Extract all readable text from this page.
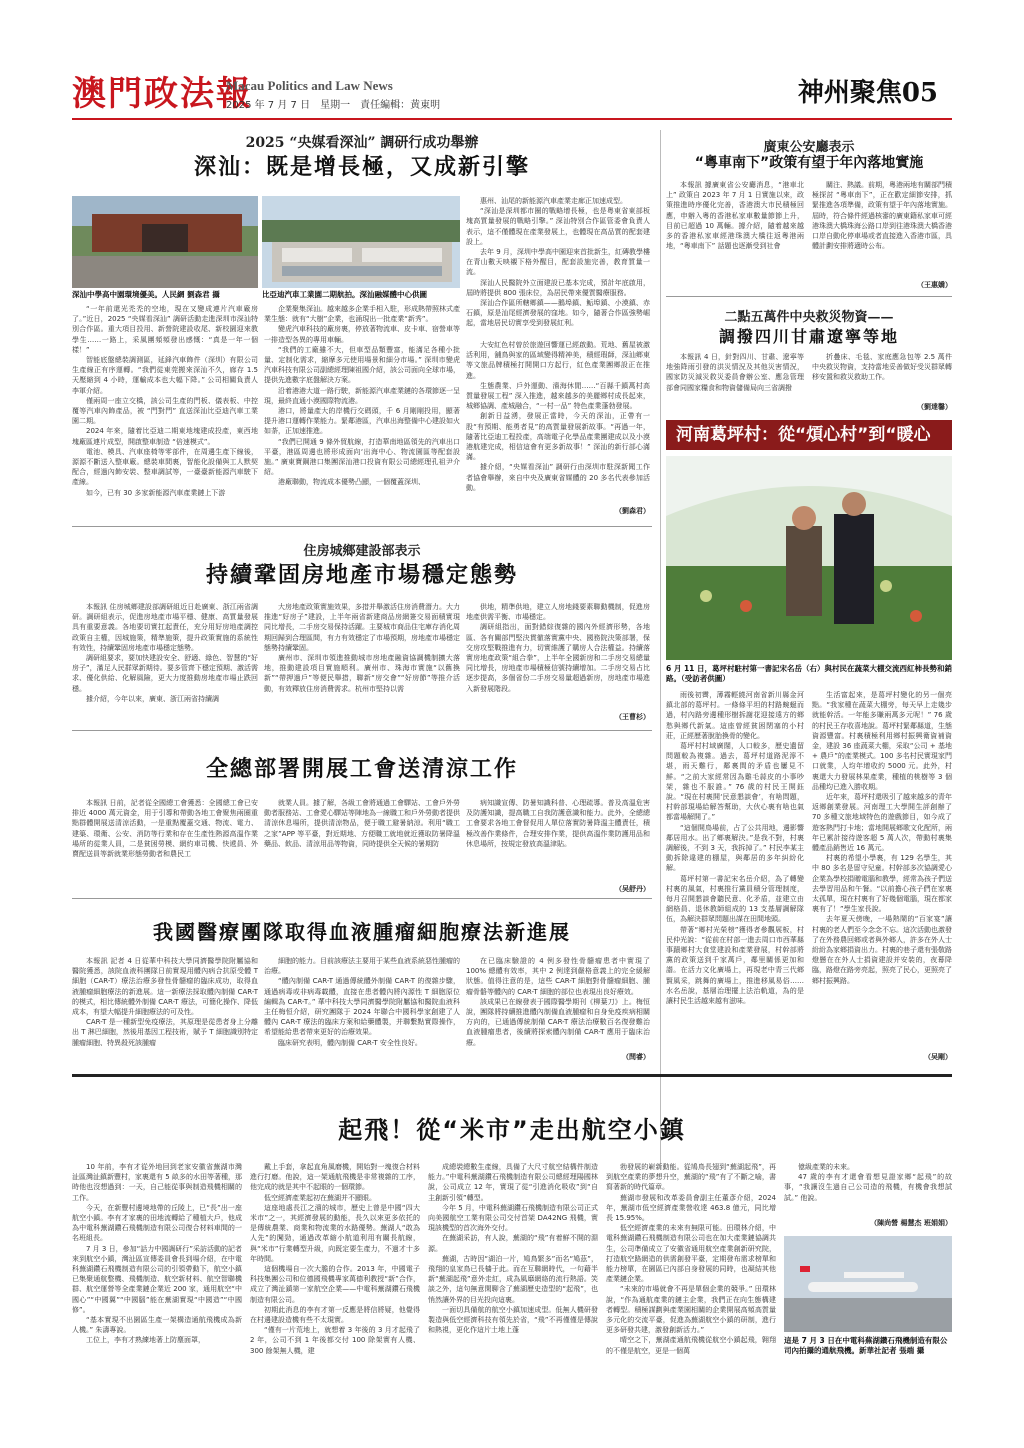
澳門政法報
Macau Politics and Law News
2025 年 7 月 7 日　星期一　責任編輯：黄東明	神州聚焦05
2025 “央媒看深汕” 調研行成功舉辦
深汕：既是增長極，又成新引擎
深汕中學高中園環境優美。人民網 劉森君 攝	比亞迪汽車工業園二期航拍。深汕融媒體中心供圖

“一年前還光禿禿的空地，現在又變成連片汽車廠房了。”近日，2025 “央媒看深汕” 調研活動走進深圳市深汕特別合作區。重大項目投用、新營院建設收尾、新校園迎來教學生……一路上，采風團頻頻發出感慨：“真是一年一個樣！”

智能底盤總裝調測區，延鋒汽車飾件（深圳）有限公司生產線正有序運轉。“我們從東莞搬來深汕不久，廊存 1.5 天壓縮到 4 小時，運輸成本也大幅下降。” 公司相關負責人李軍介紹。

僅兩周一座立交橋，該公司生產的門板、儀表板、中控覆等汽車內飾產品，被 “門對門” 直送深汕比亞迪汽車工業園二期。

2024 年來，隨着比亞迪二期東地塊建成投產，東西地塊廠區連片成型，開啟整車制造 “倍速模式”。

電池、模具、汽車座椅等零部件，在周邊生產下線後，源源不斷送入整車廠。總裝車間裏，智能化設備與工人默契配合，經過內飾安裝、整車調試等，一臺臺新能源汽車駛下產線。

如今，已有 30 多家新能源汽車產業鏈上下游

企業聚集深汕。越來越多企業手相入駐，形成熱帶照林式產業生態：就有“大樹”企業，也涌現出一批產業“新秀”。

變虎汽車科技的廠房裏，停放著物流車、皮卡車、宿營車等一排造型各異的專用車輛。

“我們的工廠雖不大，但車型品類豐富，能滿足各種小批量、定制化需求，縮摩多元使用場景和細分市場。” 深圳市變虎汽車科技有限公司副總經理陳祖國介紹，該公司面向全球市場，提供先進數字底盤解決方案。

沿着港港大道一路行駛，新能源汽車產業鏈的各環節逐一呈現，最終直通小漠國際物流港。

港口，將量產大的岸機行交碼頭，千 6 月剛剛投用，顯著提升港口運轉作業能力。緊鄰港區，汽車出海整備中心建設如火如荼，正加速推進。

“我們已開通 9 條外貿航線，打造華南地區領先的汽車出口平臺，港區周邊也將形成面向‘出海中心、物流園區等配套設施。” 廣東寶鋼港口集團深汕港口投資有限公司總經理孔祖尹介紹。

港廠聯動，物流成本優勢凸顯，一個覆蓋深圳、

惠州、汕尾的新能源汽車產業走廊正加速成型。

“深汕是深圳都市圈的戰略增長極，也是粤東省東部板塊高質量發展的戰略引擎。” 深汕特別合作區管委會負責人表示，這不僅體現在產業發展上，也體現在高品質的配套建設上。

去年 9 月，深圳中學高中園迎來首批新生，紅磚教學樓在青山數天映襯下格外醒目，配套設施完善，教育質量一流。

深汕人民醫院外立面建設已基本完成，預計年底啟用，屆時將提供 800 張床位，為居民帶來優質醫療服務。

深汕合作區所轄鄉鎮——鵝埠鎮、鮜埠鎮、小漠鎮、赤石鎮，原是汕尾經濟發展的窪地。如今，隨著合作區強勢崛起，當地居民切實享受到發展紅利。

大安紅色村曾於旅遊回響運已經啟動。荒地、舊屋被激活利用，舖鳥與家的區域變得精神美，積經瑕師，深汕鄉東等文旅品牌積極打開開口方起行，紅色產業團鄉設正在推進。

生態農業、戶外運動、濱海休閒……“百縣千鎮萬村高質量發展工程” 深入推進，越來越多的美麗鄉村成長起來，城鄉協調、產城融合，“一村一品” 特色產業蓬勃發展。

創新日益湧，發展正當時，今天的深汕，正帶有一股“有預期、能勇者見”的高質量發展新故事。“再過一年，隨著比亞迪工程投產，高端電子化學品產業團建成以及小漠港航建完成，相信這會有更多新故事！” 深汕的新行部心滿滿。

據介紹，“央媒看深汕” 調研行由深圳市駐深新聞工作者協會舉辦，來自中央及廣東省媒體的 20 多名代表參加活動。

（劉森君）
廣東公安廳表示
“粵車南下”政策有望于年內落地實施

本報訊 據廣東省公安廳消息，“港車北上” 政策自 2023 年 7 月 1 日實施以來，政策推進時序優化完善，香港澳大市民積極回應，申辦入粵的香港私家車數量節節上升，目前已超過 10 萬輛。據介紹，隨着越來越多的香港私家車經港珠澳大橋往返粵港兩地，“粵車南下” 話題也逐漸受到社會

關注、熱議。前期，粵港兩地有關部門積極探討 “粵車南下”，正在歡定細節安排，抓緊推進各項準備，政策有望于年內落地實施。屆時，符合條件經過核審的廣東籍私家車可經港珠澳大橋珠海公路口岸到往港珠澳大橋香港口岸自動化停車場或者直接進入香港市區，具體計劃安排將適時公布。

（王惠嬌）
二點五萬件中央救災物資——
調撥四川甘肅遼寧等地

本報訊 4 日，針對四川、甘肅、遼寧等地強降雨引發的洪災情況及其他災害情況，國家防災減災救災委員會辦公室、應急管理部會同國家糧食和物資儲備局向三省調撥

折疊床、毛毯、家庭應急包等 2.5 萬件中央救災物資，支持當地妥善做好受災群眾轉移安置和救災救助工作。

（劉達馨）
河南葛坪村：從“煩心村”到“暖心
6 月 11 日，葛坪村駐村第一書記宋名岳（右）與村民在蔬菜大棚交流西紅柿長勢和銷路。（受訪者供圖）

雨後初霽，薄霧輕繞河南省新川縣金河鎮北部的葛坪村。一條條平坦的村路蜿蜒而過，村內路旁邊種形樹拆謝花迎接遠方的鄉愁與鄉代新氣。這座曾經貧困閉塞的小村莊，正經歷著脫胎換骨的變化。

葛坪村村域廣闊，人口較多，歷史遺留問題較為複雜。過去，葛坪村道路泥濘不堪，雨天難行，鄰裏間的矛盾也屢見不鮮。“之前大家經常因為雞毛蒜皮的小事吵架，雜也不服誰。” 76 歲的村民王開鈺說。“現在村裏開‘民意懇談會’，有啥問題，村幹部現場給解答幫助，大伙心裏有啥也氣都當場解開了。”

“這個開鳥場前，占了公共用地，邊影響鄰居用水。出了鄉裏解決。”是我不對，村裏調解後，不到 3 天，我拆掉了。” 村民李某主動拆除違建的棚屋，與鄰居的多年糾紛化解。

葛坪村第一書記宋名岳介紹，為了轉變村裏的風氣，村裏推行黨員積分管理制度，每月召開懇談會聽民意、化矛盾，並建立由網格員、退休教師組成的 13 支基層調解隊伍，為解決群眾問題出謀在田間地頭。

帶著“鄉村光榮榜”獲得者參觀展板，村民仲光說：“從前在村部一進去周口市西華縣事蹟鄉村大食堂建設和產業發展，村幹部將黨的政策送到千家萬戶，鄰里關係更加和諧。在活力文化廣場上，再現老中青三代鄉賢風采，跳舞的廣場上，推進移風易俗……水名岳說，基層治理擺上法治軌道，為的是讓村民生活越來越有滋味。

生活富起來，是葛坪村變化的另一個亮點。“我家種在蔬菜大棚旁，每天早上走幾步就能幹活。一年能多賺兩萬多元呢！” 76 歲的村民王存收喜地說。葛坪村緊鄰縣道，生態資源豐富。村裏積極利用鄉村振興衛資補資金，建設 36 座蔬菜大棚，采取“公司 + 基地 + 農戶”的產業模式。100 多名村民實現家門口就業，人均年增收約 5000 元。此外，村裏還大力發展林果產業，種植的桃樹等 3 個品種均已進入勝收期。

近年來，葛坪村還吸引了越來越多的青年返鄉創業發展。河南理工大學開生評創辦了 70 多種文旅地域特色的遊戲節目，如今成了遊客熱門打卡地；當地開展鄉歌文化配所，兩年已累計接待遊客超 5 萬人次，帶動村裏集體產品銷售近 16 萬元。

村裏的希望小學裏，有 129 名學生，其中 80 多名是留守兒童。村幹部多次協調愛心企業為學校捐贈電腦和教學，經常為孩子們送去學習用品和午餐。“以前擔心孩子們在家裏太孤單，現在村裏有了好幾個電腦，現在都家裏有了！”學生家長說。

去年夏天傍晚，一場熱鬧的“百家宴”讓村裏的老人們至今念念不忘。這次活動也激發了在外務農回鄉或者與外鄉人，許多在外人士紛紛為家鄉捐資出力。村裏的巷子還有張敬路燈懸在在外人士捐資建設并安裝的，夜幕降臨，路燈在路旁亮起，照亮了民心，更照亮了鄉村振興路。

（吴剛）
住房城鄉建設部表示
持續鞏固房地產市場穩定態勢

本報訊 住房城鄉建設部調研組近日赴廣東、浙江兩省調研。調研組表示，促進房地產市場平穩、健康、高質量發展具有重要意義。各地要切實扛起責任，充分用好房地產調控政策自主權，因城施策，精準施策，提升政策實施的系統性有效性，持續鞏固房地產市場穩定態勢。

調研組要求，要加快建設安全、舒適、綠色、智慧的“好房子”，滿足人民群眾新期待。要多管齊下穩定預期、激活需求、優化供給、化解風險，更大力度推動房地產市場止跌回穩。

據介紹，今年以來，廣東、浙江兩省持續調

大房地產政策實施效果，多措并舉激活住房消費潛力。大力推進“好房子”建設，上半年兩省新建商品房網簽交易面積實現同比增長，二手房交易保持活躍。主要城市商品住宅庫存消化周期回歸到合理區間，有力有效穩定了市場預期，房地產市場穩定態勢持續鞏固。

廣州市、深圳市領進推動城市房地產融資協調機制擴大落地，推動建設項目實施順利。廣州市、珠海市實施“以舊換新”“帶押過戶”等便民舉措，聯新“房交會”“好房節”等推介活動，有效釋放住房消費需求。杭州市堅持以需

供地，精準供地，建立人房地錢要素聯動機制，促進房地產供需平衡、市場穩定。

調研組指出，面對錯綜復雜的國內外經濟形勢，各地區、各有關部門堅決貫徹落實黨中央、國務院決策部署，保交房攻堅戰推進有力，切實維護了購房人合法權益。持續落實房地產政策“組合拳”，上半年全國新房和二手房交易總量同比增長，房地產市場積極信號持續增加。二手房交易占比逐步提高，多個省份二手房交易量超過新房，房地產市場進入新發展階段。

（王曹杉）
全總部署開展工會送清涼工作

本報訊 日前，記者從全國總工會獲悉：全國總工會已安排近 4000 萬元資金，用于引導和帶動各地工會聚焦兩圈重點群體開展送清涼活動，一是重點覆蓋交通、物流、電力、建築、環衛、公安、消防等行業和存在生產性熱源高溫作業場所的從業人員，二是貧困勞模、網約車司機、快遞員、外賣配送員等新就業形態勞動者和農民工

就業人員。據了解，各級工會將通過工會驛站、工會戶外勞動者服務站、工會愛心驛站等陣地為一線職工和戶外勞動者提供清涼休息場所，提供清涼物品，便于職工避暑納涼。利用“職工之家”APP 等平臺，對近期地、方便職工就地就近獲取防暑降溫藥品、飲品、清涼用品等物資，同時提供全天候的暑期防

病知識宣傳、防暑知識科普、心理疏導。普及高溫危害及防護知識，提高職工自我防護意識和能力。此外，全總總工會要求各地工會督促用人單位落實防暑降溫主體責任，積極改善作業條件，合理安排作業，提供高溫作業防護用品和休息場所，按規定發放高溫津貼。

（吴舒丹）
我國醫療團隊取得血液腫瘤細胞療法新進展

本報訊 記者 4 日從華中科技大學同濟醫學院附屬協和醫院獲悉，該院血液科團隊日前實現用體內病合抗原受體 T 細胞（CAR-T）療法治療多發性骨髓瘤的臨床成功，取得血液腫瘤細胞療法的新進展。這一新療法採取體內制備 CAR-T 的模式，相比傳統體外制備 CAR-T 療法，可簡化操作、降低成本，有望大幅提升細胞療法的可及性。

CAR-T 是一種新型免疫療法，其原理是從患者身上分離出 T 淋巴細胞，然後用基因工程技術，賦予 T 細胞識別特定腫瘤細胞、特異殺死該腫瘤

細胞的能力。目前該療法主要用于某些血液系統惡性腫瘤的治療。

“體內制備 CAR-T 通過傳統體外制備 CAR-T 的復雜步驟，通過病毒或非病毒載體，直接在患者體內將內源性 T 細胞原位編輯為 CAR-T。” 華中科技大學同濟醫學院附屬協和醫院血液科主任梅恒介紹，研究團隊于 2024 年聯合中國科學家創建了人體內 CAR-T 療法的臨床方案和給藥體製，并聯繫點實際操作，希望能給患者帶來更好的治療效果。

臨床研究表明，體內制備 CAR-T 安全性良好。

在已臨床驗證的 4 例多發性骨髓瘤患者中實現了 100% 總體有效率，其中 2 例達到嚴格意義上的完全緩解狀態。值得注意的是，這些 CAR-T 細胞對骨髓瘤細胞、腫瘤骨骼等體內的 CAR-T 細胞的部位也表現出良好療效。

該成果已在線發表于國際醫學期刊《柳葉刀》上。梅恒說，團隊將持續推進體內制備血液腫瘤和自身免疫疾病相關方向的，已通過傳統制備 CAR-T 療法治療數百名復發難治血液腫瘤患者，後續將探索體內制備 CAR-T 應用于臨床治療。

（閆睿）
起飛！從“米市”走出航空小鎮

10 年前，李有才從外地回到老家安徽省蕪湖市灣沚區灣沚鎮新豐村，家裏還有 5 畝多的水田等著種，那時他也沒想過到：一天，自己能從事與制造飛機相關的工作。

今天，在新豐村邊境地帶的丘陵上，已“長”出一座航空小鎮。李有才家裏的田地流轉給了種植大戶，他成為中電科蕪湖鑽石飛機制造有限公司復合材料車間的一名班組長。

7 月 3 日，參加“話力中國調研行”采訪活動的記者來到航空小鎮，灣沚區宣傳委員會長到場介紹，在中電科蕪湖鑽石飛機制造有限公司的引領帶動下，航空小鎮已集聚通航整機、飛機制造、航空新材料、航空智聯機群、航空運營等全產業鏈企業近 200 家，通用航空“中國心”“中國翼”“中國腦”能在蕪湖實現“中國造”“中國修”。

“基本實現不出園區生產一架構造通航飛機成為新人機。” 朱濤專說。

工位上，李有才熟練地著上防塵面罩，

戴上手套，拿起直角風磨機，開始對一塊復合材料進行打磨。他說，這一架通航飛機是非常複雜的工序，他完成的就是其中不起眼的一個環節。

低空經濟產業起初在蕪湖并不顯眼。

這座地處長江之濱的城市，歷史上曾是中國“四大米市”之一，其經濟發展的動能，長久以來更多依托的是傳統農業、商業和物流業的水路優勢。蕪湖人“敢為人先”的闖勁，通過改革縮小航道利用有關長航線，與“米市”行業轉型升級，向既定要生產力，不過才十多年時間。

這個機場自一次大膽的合作。2013 年，中國電子科技集團公司和位德國飛機專家萬德利教授“新”合作，成立了灣沚鎮第一家航空企業——中電科蕪湖鑽石飛機制造有限公司。

初期此消息的李有才第一反應是將信將疑，他覺得在村邊建設造機有些不太現實。

“僅有一片荒地上，就想着 3 年後的 3 月才起飛了 2 年，公司不到 1 年後都交付 100 除架實有人機、300 餘架無人機，建

成總裝總數生產線，具備了大尺寸航空結構件制造能力。”中電科蕪湖鑽石飛機制造有限公司總經理陽國林說，公司成立 12 年，實現了從“引進消化吸收”到“自主創新引領”轉型。

今年 5 月，中電科蕪湖鑽石飛機制造有限公司正式向美國航空工業有限公司交付首架 DA42NG 飛機，實現該機型的首次海外交付。

在蕪湖采訪，有人說，蕪湖的“飛”有着鮮不開的淵源。

蕪湖，古時因“湖泊一片，鳩鳥繁多”而名“鳩茲”，飛翔的皇家鳥已長檣于此。而在互聯網時代，一句藉半新“蕪湖起飛”意外走紅，成為風靡網絡的流行熱語。笑談之外，這句無意閑聊含了蕪湖歷史造型的“起飛”，也悄然讓外界的目光投向這裏。

一面切具備航的航空小鎮加速成型。低無人機研發製造與低空經濟科技有領先於省，“飛”不再僅僅是傳說和熱視，更化作這片土地上蓬

勃發展的嶄新動能。從鳩鳥長翅到“蕪湖起飛”，再到航空產業的夢想升空，蕪湖的“飛”有了不斷之喻，書寫著新的時代篇章。

蕪湖市發展和改革委員會副主任董彥介紹，2024 年，蕪湖市低空經濟產業營收達 463.8 億元，同比增長 15.95%。

低空經濟產業的未來有無限可能。田環林介紹，中電科蕪湖鑽石飛機制造有限公司也在加大產業鏈協調共生，公司準備成立了安徽省通用航空產業創新研究院，打造航空路網造的供需創發平臺，定期發布需求榜單和能力榜單，在園區已內部自身發展的同時，也凝結其他產業鏈企業。

“未來的市場就會不再是單個企業的競爭。” 田環林說，“作為通航產業的鏈主企業，我們正在向生態構建者轉型。積極謀劃與產業園相關的企業開展高頻高質量多元化的交流平臺，促進為蕪湖航空小鎮的研制，進行更多研發共建，激發創新活力。”

晴空之下，蕪湖產通航飛機從航空小鎮起飛，翱翔的不僅是航空，更是一個萬

億級產業的未來。

47 歲的李有才還會看想見證家鄉“起飛”的故事，“我讓沒生過自己公司造的飛機，有機會我想試試。” 他說。

（陳尚營 楊慧杰 班娟娟）
這是 7 月 3 日在中電科蕪湖鑽石飛機制造有限公司內拍攝的通航飛機。新華社記者 張端 攝
